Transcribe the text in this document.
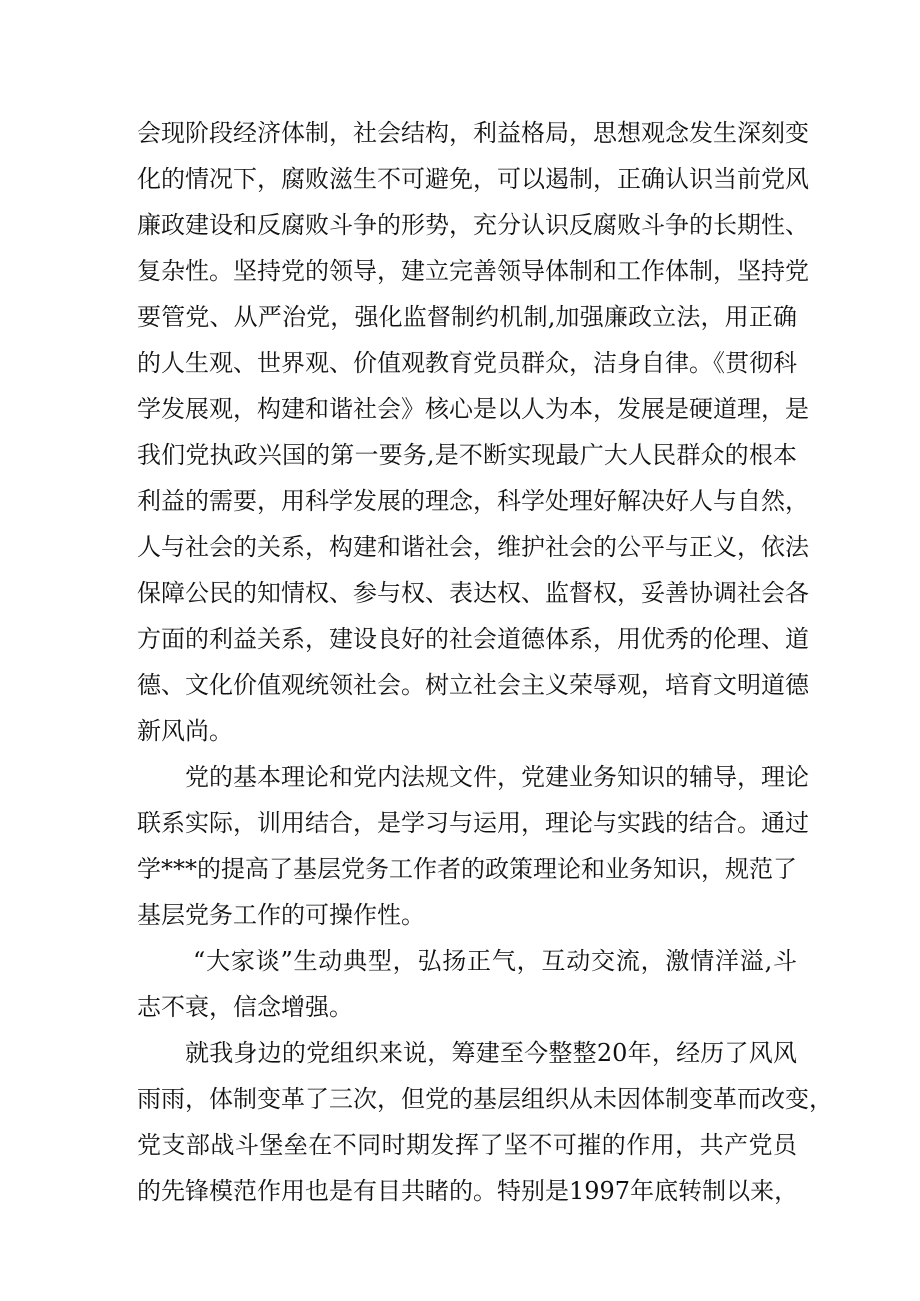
会现阶段经济体制，社会结构，利益格局，思想观念发生深刻变
化的情况下，腐败滋生不可避免，可以遏制，正确认识当前党风
廉政建设和反腐败斗争的形势，充分认识反腐败斗争的长期性、
复杂性。坚持党的领导，建立完善领导体制和工作体制，坚持党
要管党、从严治党，强化监督制约机制,加强廉政立法，用正确
的人生观、世界观、价值观教育党员群众，洁身自律。《贯彻科
学发展观，构建和谐社会》核心是以人为本，发展是硬道理，是
我们党执政兴国的第一要务,是不断实现最广大人民群众的根本
利益的需要，用科学发展的理念，科学处理好解决好人与自然，
人与社会的关系，构建和谐社会，维护社会的公平与正义，依法
保障公民的知情权、参与权、表达权、监督权，妥善协调社会各
方面的利益关系，建设良好的社会道德体系，用优秀的伦理、道
德、文化价值观统领社会。树立社会主义荣辱观，培育文明道德
新风尚。
党的基本理论和党内法规文件，党建业务知识的辅导，理论
联系实际，训用结合，是学习与运用，理论与实践的结合。通过
学***的提高了基层党务工作者的政策理论和业务知识，规范了
基层党务工作的可操作性。
“大家谈”生动典型，弘扬正气，互动交流，激情洋溢,斗
志不衰，信念增强。
就我身边的党组织来说，筹建至今整整20年，经历了风风
雨雨，体制变革了三次，但党的基层组织从未因体制变革而改变，
党支部战斗堡垒在不同时期发挥了坚不可摧的作用，共产党员
的先锋模范作用也是有目共睹的。特别是1997年底转制以来，
